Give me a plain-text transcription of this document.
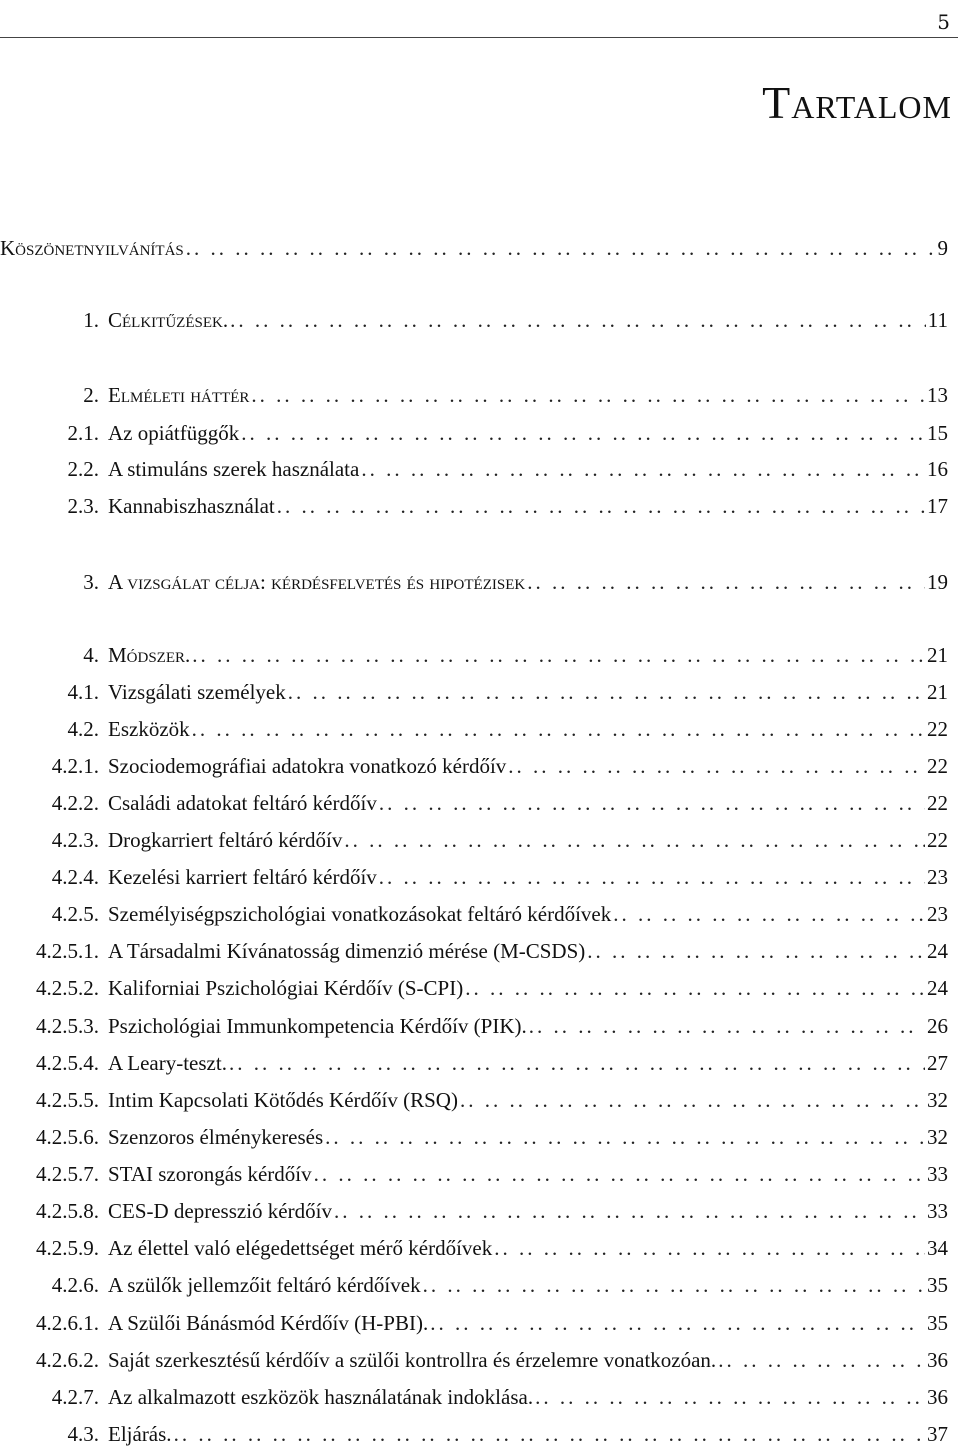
5
Tartalom
Köszönetnyilvánítás .. ..	9
1. Célkitűzések. .. ..	11
2. Elméleti háttér .. ..	13
2.1. Az opiátfüggők .. ..	15
2.2. A stimuláns szerek használata .. ..	16
2.3. Kannabiszhasználat .. ..	17
3. A vizsgálat célja: kérdésfelvetés és hipotézisek .. ..	19
4. Módszer. .. ..	21
4.1. Vizsgálati személyek .. ..	21
4.2. Eszközök .. ..	22
4.2.1. Szociodemográfiai adatokra vonatkozó kérdőív .. ..	22
4.2.2. Családi adatokat feltáró kérdőív .. ..	22
4.2.3. Drogkarriert feltáró kérdőív .. ..	22
4.2.4. Kezelési karriert feltáró kérdőív .. ..	23
4.2.5. Személyiségpszichológiai vonatkozásokat feltáró kérdőívek .. ..	23
4.2.5.1. A Társadalmi Kívánatosság dimenzió mérése (M-CSDS) .. ..	24
4.2.5.2. Kaliforniai Pszichológiai Kérdőív (S-CPI) .. ..	24
4.2.5.3. Pszichológiai Immunkompetencia Kérdőív (PIK). .. ..	26
4.2.5.4. A Leary-teszt. .. ..	27
4.2.5.5. Intim Kapcsolati Kötődés Kérdőív (RSQ) .. ..	32
4.2.5.6. Szenzoros élménykeresés .. ..	32
4.2.5.7. STAI szorongás kérdőív .. ..	33
4.2.5.8. CES-D depresszió kérdőív .. ..	33
4.2.5.9. Az élettel való elégedettséget mérő kérdőívek .. ..	34
4.2.6. A szülők jellemzőit feltáró kérdőívek .. ..	35
4.2.6.1. A Szülői Bánásmód Kérdőív (H-PBI). .. ..	35
4.2.6.2. Saját szerkesztésű kérdőív a szülői kontrollra és érzelemre vonatkozóan. .. ..	36
4.2.7. Az alkalmazott eszközök használatának indoklása. .. ..	36
4.3. Eljárás. .. ..	37
